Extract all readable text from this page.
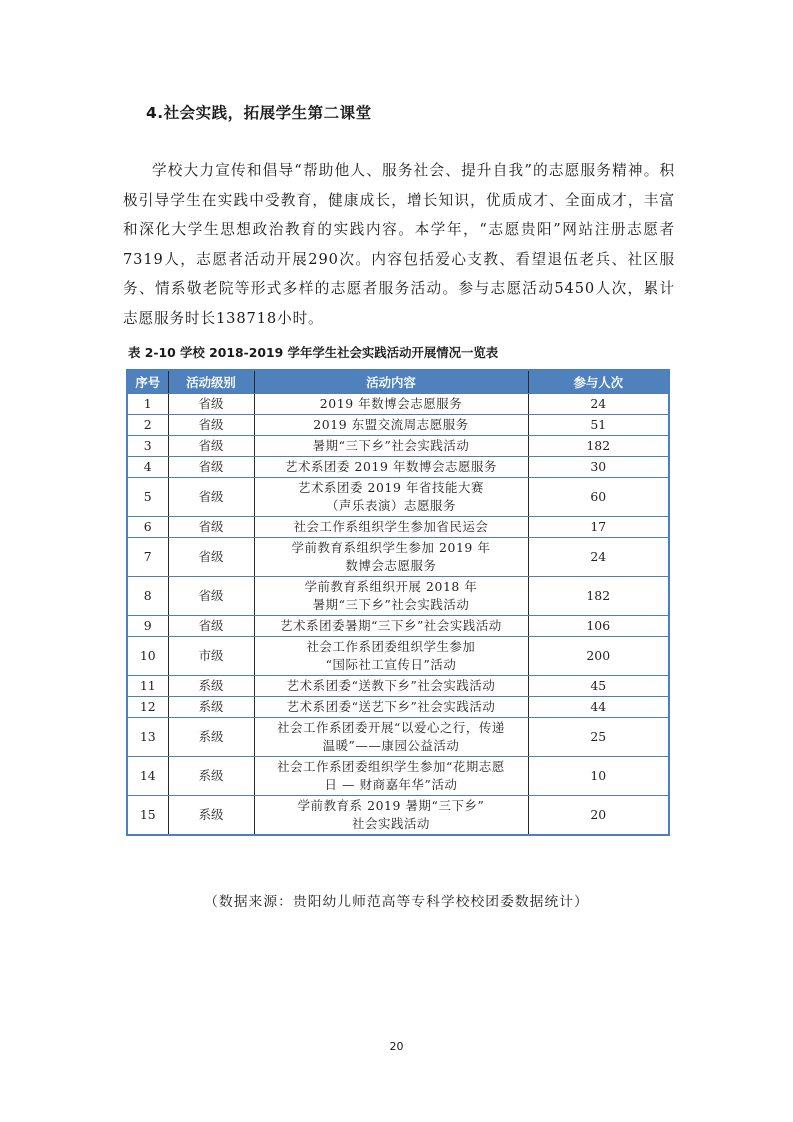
4.社会实践，拓展学生第二课堂
学校大力宣传和倡导“帮助他人、服务社会、提升自我”的志愿服务精神。积极引导学生在实践中受教育，健康成长，增长知识，优质成才、全面成才，丰富和深化大学生思想政治教育的实践内容。本学年，“志愿贵阳”网站注册志愿者7319人，志愿者活动开展290次。内容包括爱心支教、看望退伍老兵、社区服务、情系敬老院等形式多样的志愿者服务活动。参与志愿活动5450人次，累计志愿服务时长138718小时。
表 2-10 学校 2018-2019 学年学生社会实践活动开展情况一览表
序号	活动级别	活动内容	参与人次
1	省级	2019 年数博会志愿服务	24
2	省级	2019 东盟交流周志愿服务	51
3	省级	暑期“三下乡”社会实践活动	182
4	省级	艺术系团委 2019 年数博会志愿服务	30
5	省级	艺术系团委 2019 年省技能大赛
（声乐表演）志愿服务	60
6	省级	社会工作系组织学生参加省民运会	17
7	省级	学前教育系组织学生参加 2019 年
数博会志愿服务	24
8	省级	学前教育系组织开展 2018 年
暑期“三下乡”社会实践活动	182
9	省级	艺术系团委暑期“三下乡”社会实践活动	106
10	市级	社会工作系团委组织学生参加
“国际社工宣传日”活动	200
11	系级	艺术系团委“送教下乡”社会实践活动	45
12	系级	艺术系团委“送艺下乡”社会实践活动	44
13	系级	社会工作系团委开展“以爱心之行，传递
温暖”——康园公益活动	25
14	系级	社会工作系团委组织学生参加“花期志愿
日 — 财商嘉年华”活动	10
15	系级	学前教育系 2019 暑期“三下乡”
社会实践活动	20
（数据来源：贵阳幼儿师范高等专科学校校团委数据统计）
20
